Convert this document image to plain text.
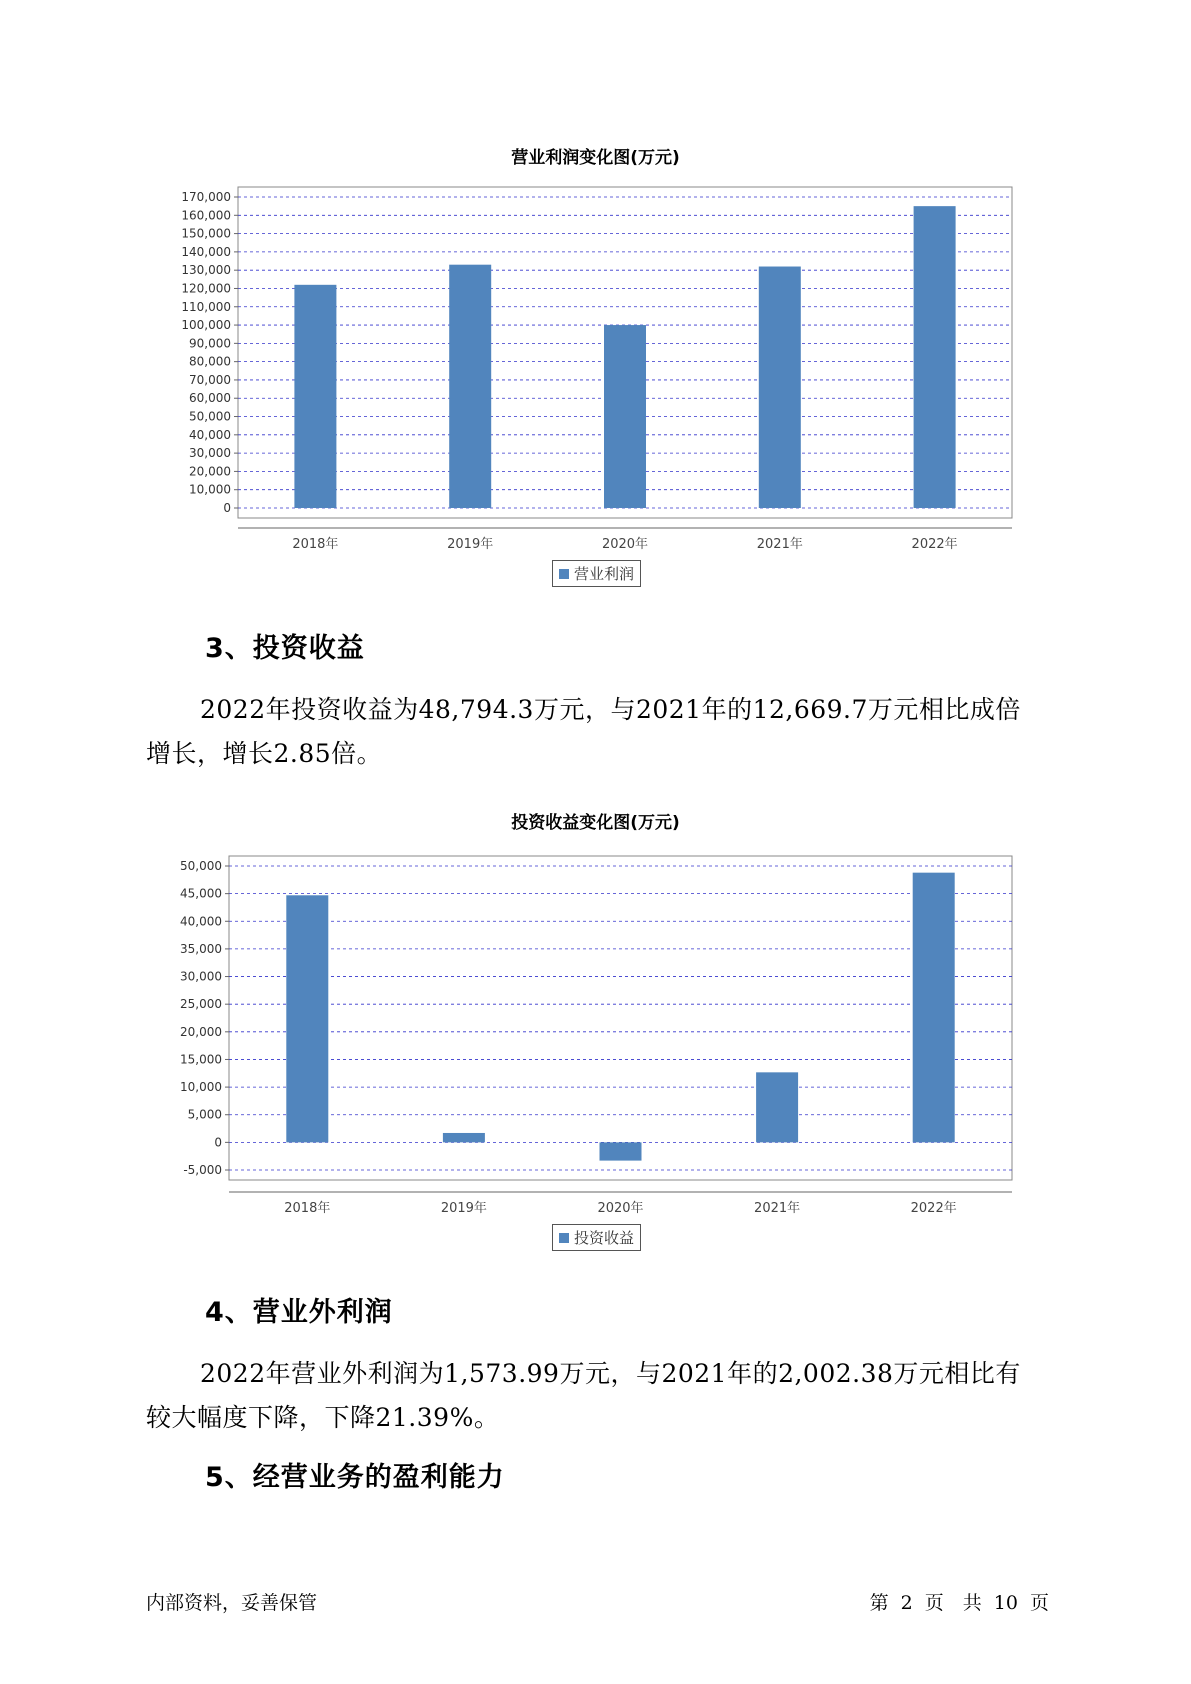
营业利润变化图(万元)
0
10,000
20,000
30,000
40,000
50,000
60,000
70,000
80,000
90,000
100,000
110,000
120,000
130,000
140,000
150,000
160,000
170,000
2018年	2019年	2020年	2021年	2022年
营业利润
3、投资收益
2022年投资收益为48,794.3万元，与2021年的12,669.7万元相比成倍增长，增长2.85倍。
投资收益变化图(万元)
-5,000
0
5,000
10,000
15,000
20,000
25,000
30,000
35,000
40,000
45,000
50,000
2018年	2019年	2020年	2021年	2022年
投资收益
4、营业外利润
2022年营业外利润为1,573.99万元，与2021年的2,002.38万元相比有较大幅度下降，下降21.39%。
5、经营业务的盈利能力
内部资料，妥善保管	第 2 页　共 10 页
